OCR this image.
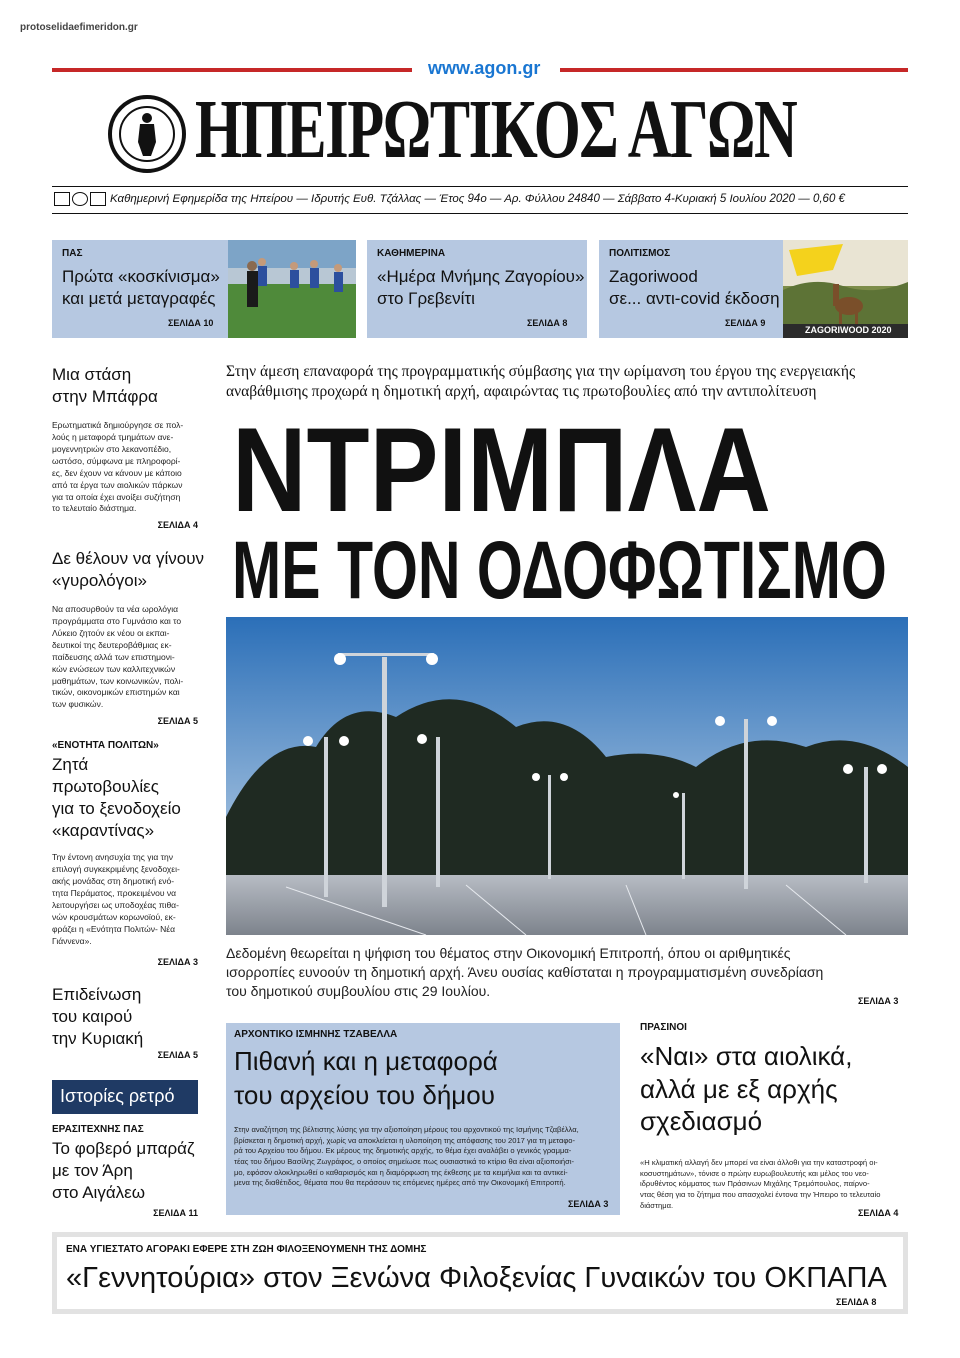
protoselidaefimeridon.gr
www.agon.gr
ΗΠΕΙΡΩΤΙΚΟΣ ΑΓΩΝ
Καθημερινή Εφημερίδα της Ηπείρου — Ιδρυτής Ευθ. Τζάλλας — Έτος 94ο — Αρ. Φύλλου 24840 — Σάββατο 4-Κυριακή 5 Ιουλίου 2020 — 0,60 €
ΠΑΣ
Πρώτα «κοσκίνισμα»
και μετά μεταγραφές
ΣΕΛΙΔΑ 10
ΚΑΘΗΜΕΡΙΝΑ
«Ημέρα Μνήμης Ζαγορίου»
στο Γρεβενίτι
ΣΕΛΙΔΑ 8
ΠΟΛΙΤΙΣΜΟΣ
Zagoriwood
σε... αντι-covid έκδοση
ΣΕΛΙΔΑ 9
ZAGORIWOOD 2020
Μια στάση
στην Μπάφρα
Ερωτηματικά δημιούργησε σε πολ-
λούς η μεταφορά τμημάτων ανε-
μογεννητριών στο λεκανοπέδιο,
ωστόσο, σύμφωνα με πληροφορί-
ες, δεν έχουν να κάνουν με κάποιο
από τα έργα των αιολικών πάρκων
για τα οποία έχει ανοίξει συζήτηση
το τελευταίο διάστημα.
ΣΕΛΙΔΑ 4
Δε θέλουν να γίνουν
«γυρολόγοι»
Να αποσυρθούν τα νέα ωρολόγια
προγράμματα στο Γυμνάσιο και το
Λύκειο ζητούν εκ νέου οι εκπαι-
δευτικοί της δευτεροβάθμιας εκ-
παίδευσης αλλά των επιστημονι-
κών ενώσεων των καλλιτεχνικών
μαθημάτων, των κοινωνικών, πολι-
τικών, οικονομικών επιστημών και
των φυσικών.
ΣΕΛΙΔΑ 5
«ΕΝΟΤΗΤΑ ΠΟΛΙΤΩΝ»
Ζητά
πρωτοβουλίες
για το ξενοδοχείο
«καραντίνας»
Την έντονη ανησυχία της για την
επιλογή συγκεκριμένης ξενοδοχει-
ακής μονάδας στη δημοτική ενό-
τητα Περάματος, προκειμένου να
λειτουργήσει ως υποδοχέας πιθα-
νών κρουσμάτων κορωνοϊού, εκ-
φράζει η «Ενότητα Πολιτών- Νέα
Γιάννενα».
ΣΕΛΙΔΑ 3
Επιδείνωση
του καιρού
την Κυριακή
ΣΕΛΙΔΑ 5
Ιστορίες ρετρό
ΕΡΑΣΙΤΕΧΝΗΣ ΠΑΣ
Το φοβερό μπαράζ
με τον Άρη
στο Αιγάλεω
ΣΕΛΙΔΑ 11
Στην άμεση επαναφορά της προγραμματικής σύμβασης για την ωρίμανση του έργου της ενεργειακής
αναβάθμισης προχωρά η δημοτική αρχή, αφαιρώντας τις πρωτοβουλίες από την αντιπολίτευση
ΝΤΡΙΜΠΛΑ
ΜΕ ΤΟΝ ΟΔΟΦΩΤΙΣΜΟ
Δεδομένη θεωρείται η ψήφιση του θέματος στην Οικονομική Επιτροπή, όπου οι αριθμητικές
ισορροπίες ευνοούν τη δημοτική αρχή. Άνευ ουσίας καθίσταται η προγραμματισμένη συνεδρίαση
του δημοτικού συμβουλίου στις 29 Ιουλίου.
ΣΕΛΙΔΑ 3
ΑΡΧΟΝΤΙΚΟ ΙΣΜΗΝΗΣ ΤΖΑΒΕΛΛΑ
Πιθανή και η μεταφορά
του αρχείου του δήμου
Στην αναζήτηση της βέλτιστης λύσης για την αξιοποίηση μέρους του αρχοντικού της Ισμήνης Τζαβέλλα,
βρίσκεται η δημοτική αρχή, χωρίς να αποκλείεται η υλοποίηση της απόφασης του 2017 για τη μεταφο-
ρά του Αρχείου του δήμου. Εκ μέρους της δημοτικής αρχής, το θέμα έχει αναλάβει ο γενικός γραμμα-
τέας του δήμου Βασίλης Ζωγράφος, ο οποίος σημείωσε πως ουσιαστικά το κτίριο θα είναι αξιοποιήσι-
μο, εφόσον ολοκληρωθεί ο καθαρισμός και η διαμόρφωση της έκθεσης με τα κειμήλια και τα αντικεί-
μενα της διαθέτιδος, θέματα που θα περάσουν τις επόμενες ημέρες από την Οικονομική Επιτροπή.
ΣΕΛΙΔΑ 3
ΠΡΑΣΙΝΟΙ
«Ναι» στα αιολικά,
αλλά με εξ αρχής
σχεδιασμό
«Η κλιματική αλλαγή δεν μπορεί να είναι άλλοθι για την καταστροφή οι-
κοσυστημάτων», τόνισε ο πρώην ευρωβουλευτής και μέλος του νεο-
ιδρυθέντος κόμματος των Πράσινων Μιχάλης Τρεμόπουλος, παίρνο-
ντας θέση για το ζήτημα που απασχολεί έντονα την Ήπειρο το τελευταίο
διάστημα.
ΣΕΛΙΔΑ 4
ΕΝΑ ΥΓΙΕΣΤΑΤΟ ΑΓΟΡΑΚΙ ΕΦΕΡΕ ΣΤΗ ΖΩΗ ΦΙΛΟΞΕΝΟΥΜΕΝΗ ΤΗΣ ΔΟΜΗΣ
«Γεννητούρια» στον Ξενώνα Φιλοξενίας Γυναικών του ΟΚΠΑΠΑ
ΣΕΛΙΔΑ 8
